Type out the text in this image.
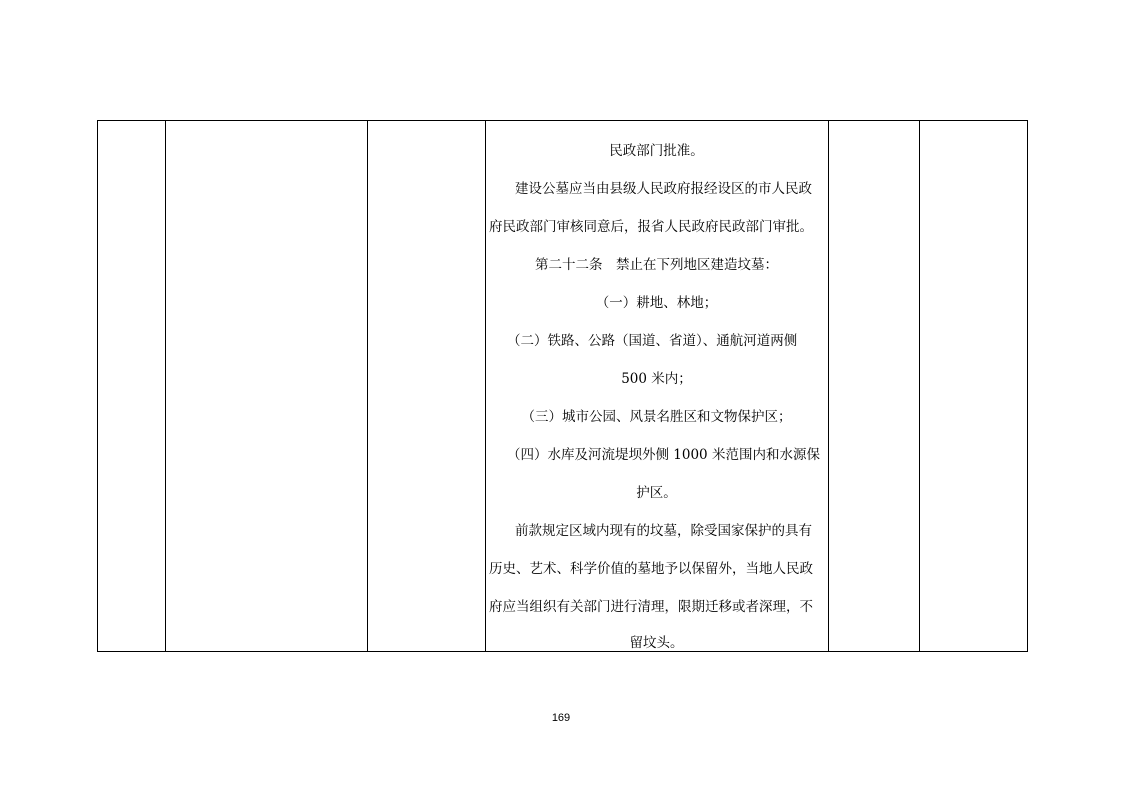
民政部门批准。
建设公墓应当由县级人民政府报经设区的市人民政
府民政部门审核同意后，报省人民政府民政部门审批。
第二十二条　禁止在下列地区建造坟墓：
（一）耕地、林地；
（二）铁路、公路（国道、省道）、通航河道两侧
500 米内；
（三）城市公园、风景名胜区和文物保护区；
（四）水库及河流堤坝外侧 1000 米范围内和水源保
护区。
前款规定区域内现有的坟墓，除受国家保护的具有
历史、艺术、科学价值的墓地予以保留外，当地人民政
府应当组织有关部门进行清理，限期迁移或者深理，不
留坟头。
169
